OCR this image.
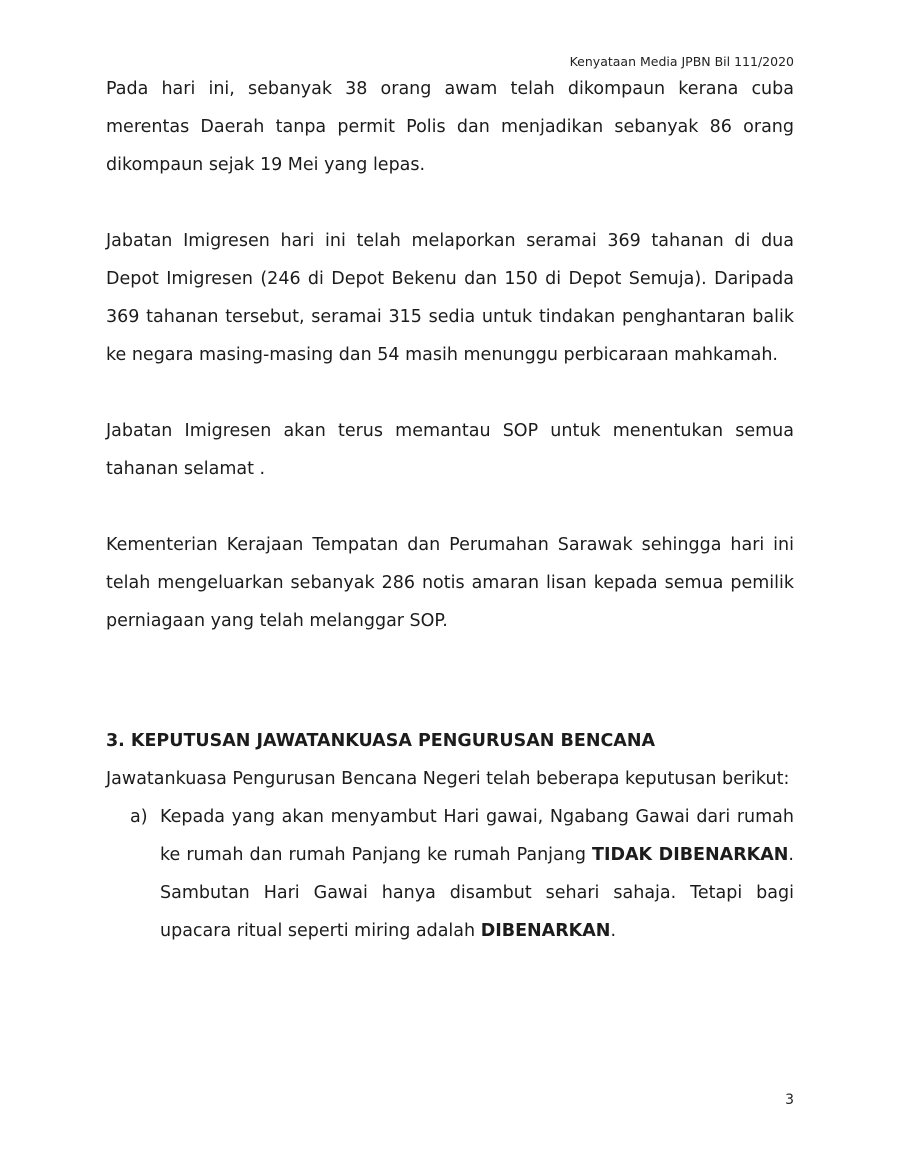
Kenyataan Media JPBN Bil 111/2020

Pada hari ini, sebanyak 38 orang awam telah dikompaun kerana cuba merentas Daerah tanpa permit Polis dan menjadikan sebanyak 86 orang dikompaun sejak 19 Mei yang lepas.

Jabatan Imigresen hari ini telah melaporkan seramai 369 tahanan di dua Depot Imigresen (246 di Depot Bekenu dan 150 di Depot Semuja). Daripada 369 tahanan tersebut, seramai 315 sedia untuk tindakan penghantaran balik ke negara masing-masing dan 54 masih menunggu perbicaraan mahkamah.

Jabatan Imigresen akan terus memantau SOP untuk menentukan semua tahanan selamat .

Kementerian Kerajaan Tempatan dan Perumahan Sarawak sehingga hari ini telah mengeluarkan sebanyak 286 notis amaran lisan kepada semua pemilik perniagaan yang telah melanggar SOP.

3. KEPUTUSAN JAWATANKUASA PENGURUSAN BENCANA

Jawatankuasa Pengurusan Bencana Negeri telah beberapa keputusan berikut:

a) Kepada yang akan menyambut Hari gawai, Ngabang Gawai dari rumah ke rumah dan rumah Panjang ke rumah Panjang TIDAK DIBENARKAN. Sambutan Hari Gawai hanya disambut sehari sahaja. Tetapi bagi upacara ritual seperti miring adalah DIBENARKAN.
3
